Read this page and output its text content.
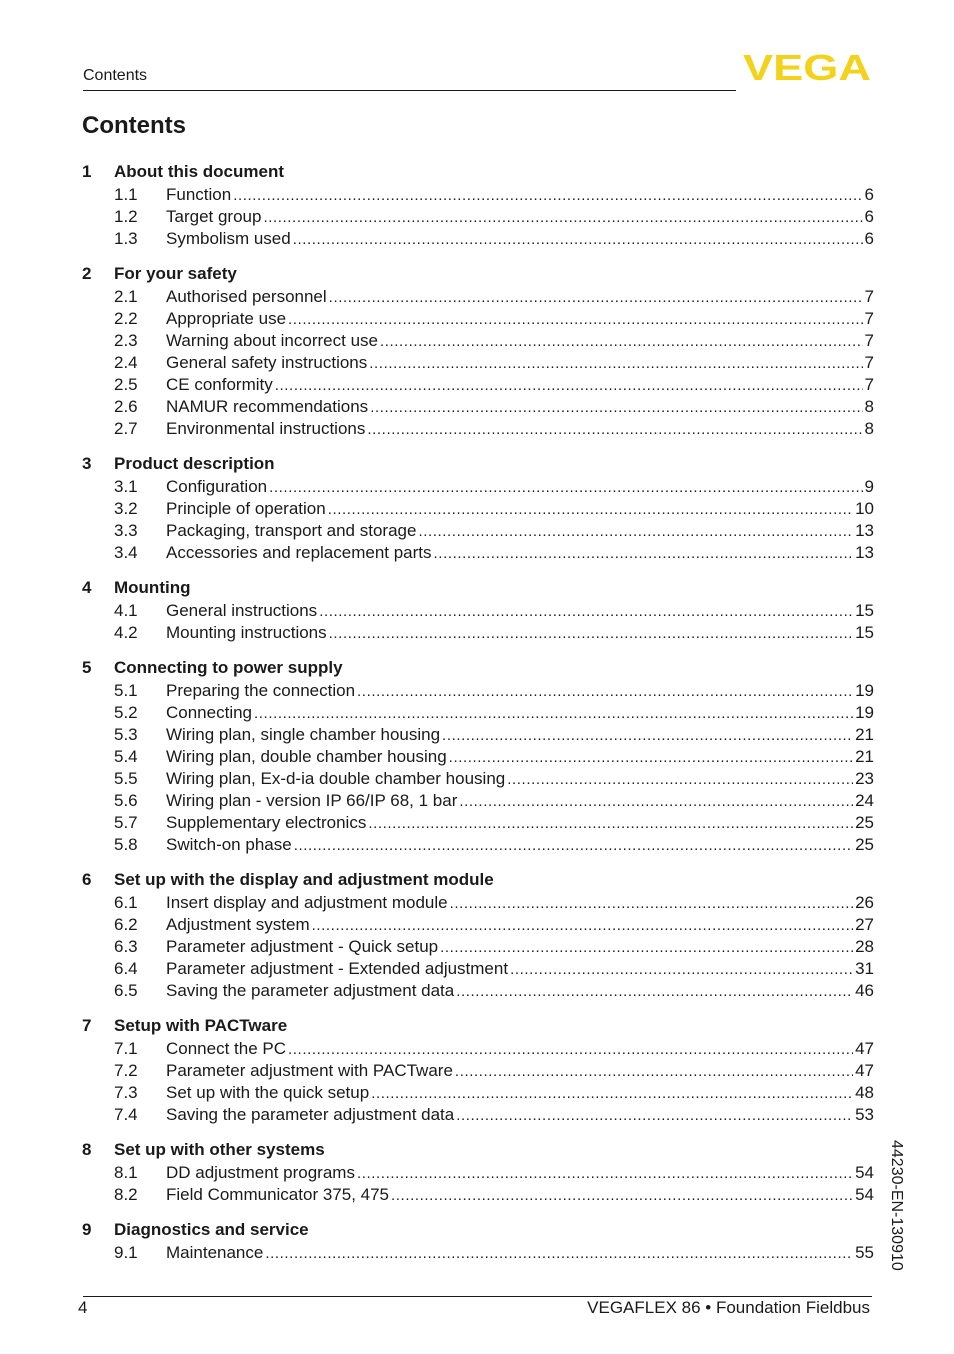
Contents	VEGA
Contents
1	About this document
1.1	Function .....	6
1.2	Target group .....	6
1.3	Symbolism used .....	6
2	For your safety
2.1	Authorised personnel .....	7
2.2	Appropriate use .....	7
2.3	Warning about incorrect use .....	7
2.4	General safety instructions .....	7
2.5	CE conformity .....	7
2.6	NAMUR recommendations .....	8
2.7	Environmental instructions .....	8
3	Product description
3.1	Configuration .....	9
3.2	Principle of operation .....	10
3.3	Packaging, transport and storage .....	13
3.4	Accessories and replacement parts .....	13
4	Mounting
4.1	General instructions .....	15
4.2	Mounting instructions .....	15
5	Connecting to power supply
5.1	Preparing the connection .....	19
5.2	Connecting .....	19
5.3	Wiring plan, single chamber housing .....	21
5.4	Wiring plan, double chamber housing .....	21
5.5	Wiring plan, Ex-d-ia double chamber housing .....	23
5.6	Wiring plan - version IP 66/IP 68, 1 bar .....	24
5.7	Supplementary electronics .....	25
5.8	Switch-on phase .....	25
6	Set up with the display and adjustment module
6.1	Insert display and adjustment module .....	26
6.2	Adjustment system .....	27
6.3	Parameter adjustment - Quick setup .....	28
6.4	Parameter adjustment - Extended adjustment .....	31
6.5	Saving the parameter adjustment data .....	46
7	Setup with PACTware
7.1	Connect the PC .....	47
7.2	Parameter adjustment with PACTware .....	47
7.3	Set up with the quick setup .....	48
7.4	Saving the parameter adjustment data .....	53
8	Set up with other systems
8.1	DD adjustment programs .....	54
8.2	Field Communicator 375, 475 .....	54
9	Diagnostics and service
9.1	Maintenance .....	55 44230-EN-130910
4	VEGAFLEX 86 • Foundation Fieldbus
